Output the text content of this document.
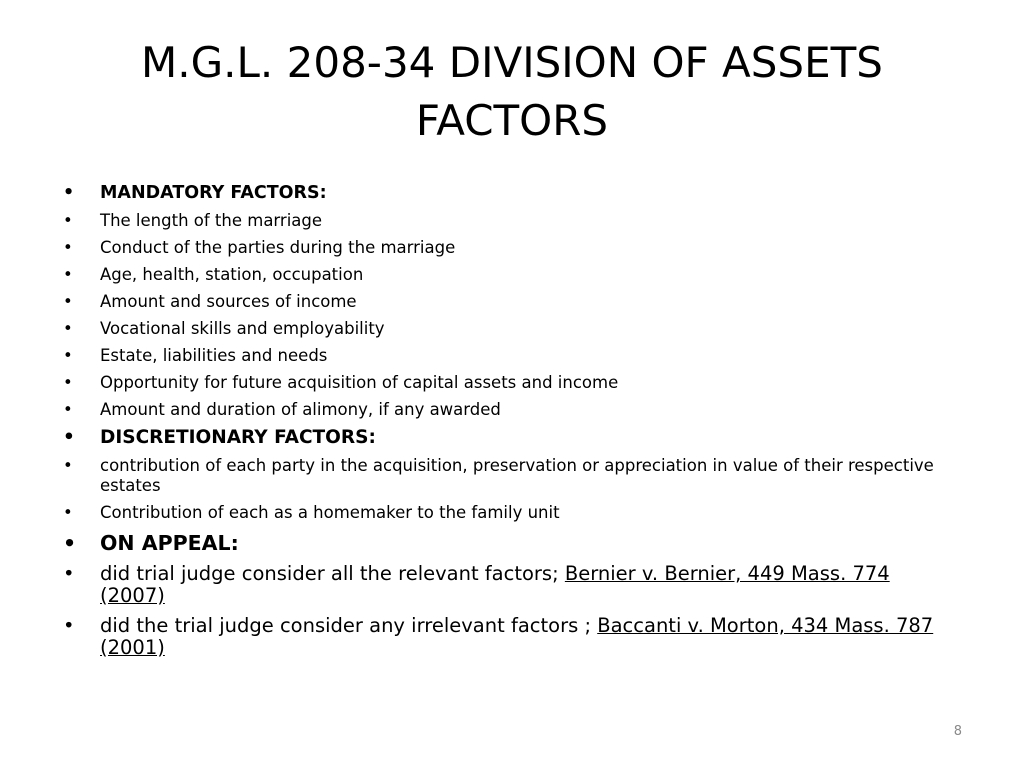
M.G.L. 208-34 DIVISION OF ASSETS
FACTORS
• MANDATORY FACTORS:
• The length of the marriage
• Conduct of the parties during the marriage
• Age, health, station, occupation
• Amount and sources of income
• Vocational skills and employability
• Estate, liabilities and needs
• Opportunity for future acquisition of capital assets and income
• Amount and duration of alimony, if any awarded
• DISCRETIONARY FACTORS:
• contribution of each party in the acquisition, preservation or appreciation in value of their respective estates
• Contribution of each as a homemaker to the family unit
• ON APPEAL:
• did trial judge consider all the relevant factors; Bernier v. Bernier, 449 Mass. 774 (2007)
• did the trial judge consider any irrelevant factors ; Baccanti v. Morton, 434 Mass. 787 (2001)
8
